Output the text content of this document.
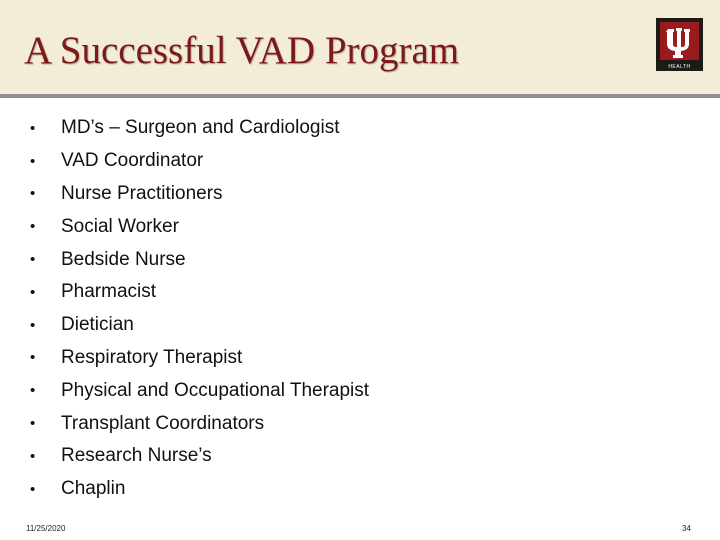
A Successful VAD Program	HEALTH
•	MD’s – Surgeon and Cardiologist
•	VAD Coordinator
•	Nurse Practitioners
•	Social Worker
•	Bedside Nurse
•	Pharmacist
•	Dietician
•	Respiratory Therapist
•	Physical and Occupational Therapist
•	Transplant Coordinators
•	Research Nurse’s
•	Chaplin
11/25/2020	34
